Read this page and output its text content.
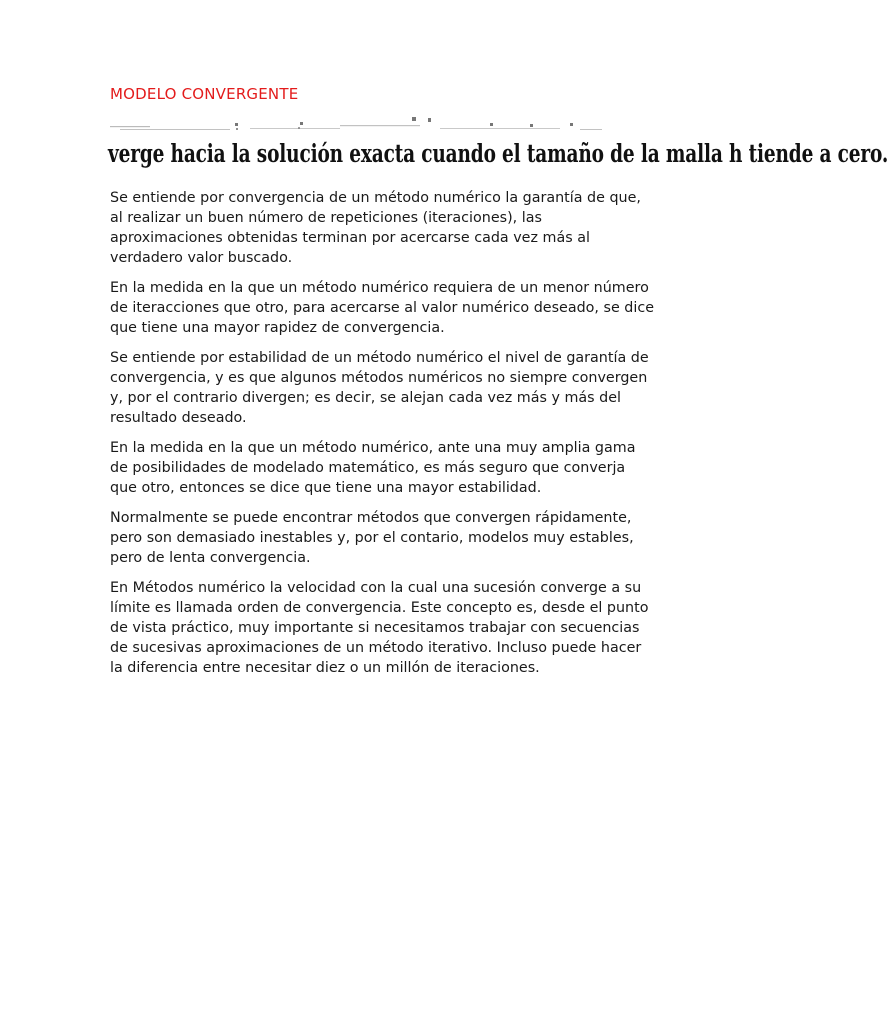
MODELO CONVERGENTE
verge hacia la solución exacta cuando el tamaño de la malla h tiende a cero.

Se entiende por convergencia de un método numérico la garantía de que, al realizar un buen número de repeticiones (iteraciones), las aproximaciones obtenidas terminan por acercarse cada vez más al verdadero valor buscado.

En la medida en la que un método numérico requiera de un menor número de iteracciones que otro, para acercarse al valor numérico deseado, se dice que tiene una mayor rapidez de convergencia.

Se entiende por estabilidad de un método numérico el nivel de garantía de convergencia, y es que algunos métodos numéricos no siempre convergen y, por el contrario divergen; es decir, se alejan cada vez más y más del resultado deseado.

En la medida en la que un método numérico, ante una muy amplia gama de posibilidades de modelado matemático, es más seguro que converja que otro, entonces se dice que tiene una mayor estabilidad.

Normalmente se puede encontrar métodos que convergen rápidamente, pero son demasiado inestables y, por el contario, modelos muy estables, pero de lenta convergencia.

En Métodos numérico la velocidad con la cual una sucesión converge a su límite es llamada orden de convergencia. Este concepto es, desde el punto de vista práctico, muy importante si necesitamos trabajar con secuencias de sucesivas aproximaciones de un método iterativo. Incluso puede hacer la diferencia entre necesitar diez o un millón de iteraciones.
